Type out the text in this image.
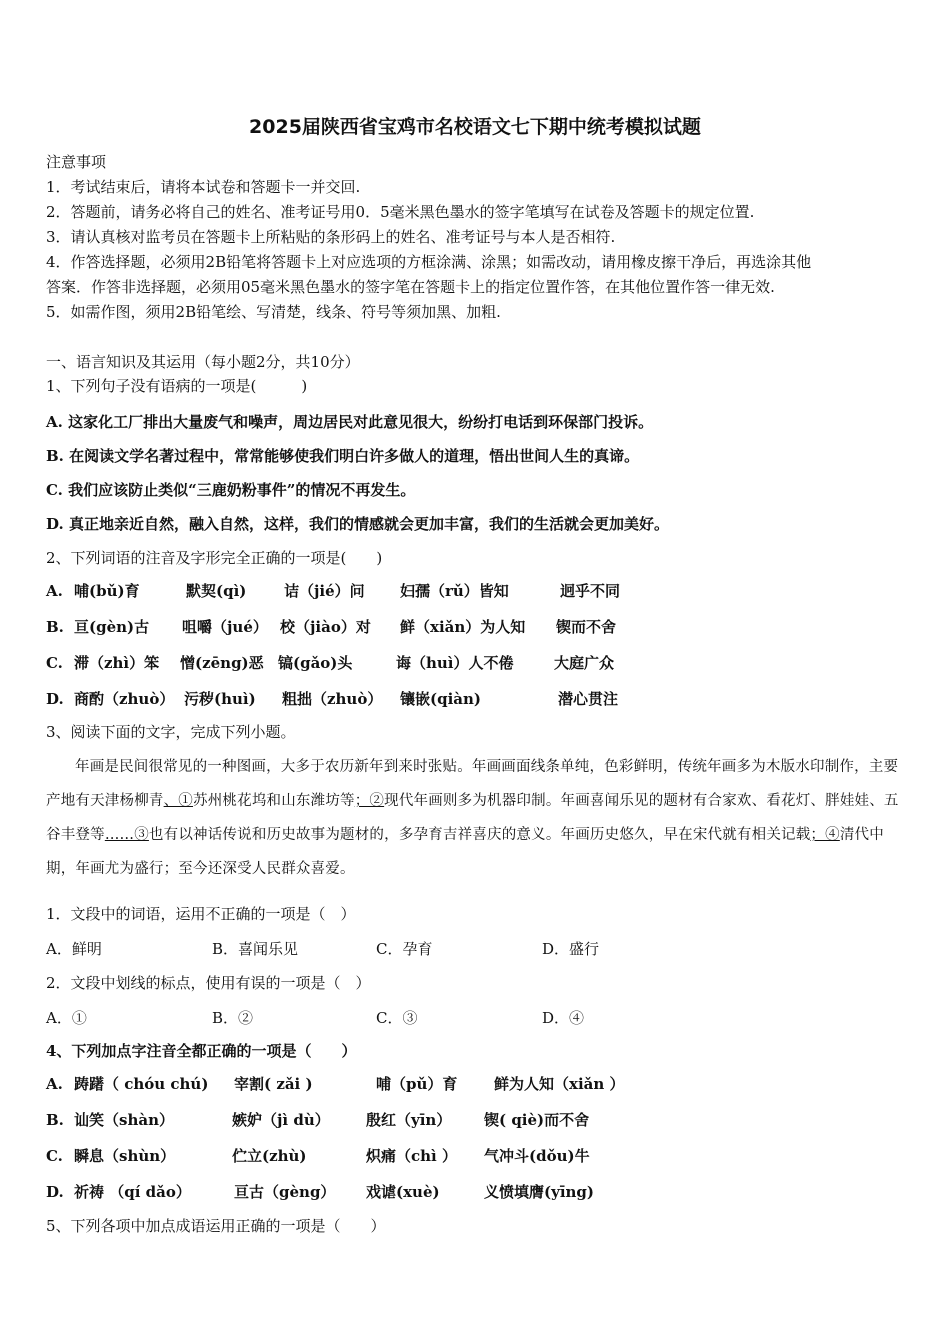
2025届陕西省宝鸡市名校语文七下期中统考模拟试题
注意事项
1．考试结束后，请将本试卷和答题卡一并交回.
2．答题前，请务必将自己的姓名、准考证号用0．5毫米黑色墨水的签字笔填写在试卷及答题卡的规定位置.
3．请认真核对监考员在答题卡上所粘贴的条形码上的姓名、准考证号与本人是否相符.
4．作答选择题，必须用2B铅笔将答题卡上对应选项的方框涂满、涂黑；如需改动，请用橡皮擦干净后，再选涂其他
答案．作答非选择题，必须用05毫米黑色墨水的签字笔在答题卡上的指定位置作答，在其他位置作答一律无效.
5．如需作图，须用2B铅笔绘、写清楚，线条、符号等须加黑、加粗.
一、语言知识及其运用（每小题2分，共10分）
1、下列句子没有语病的一项是(　　　)
A. 这家化工厂排出大量废气和噪声，周边居民对此意见很大，纷纷打电话到环保部门投诉。
B. 在阅读文学名著过程中，常常能够使我们明白许多做人的道理，悟出世间人生的真谛。
C. 我们应该防止类似“三鹿奶粉事件”的情况不再发生。
D. 真正地亲近自然，融入自然，这样，我们的情感就会更加丰富，我们的生活就会更加美好。
2、下列词语的注音及字形完全正确的一项是(　　)
A. 哺(bǔ)育	默契(qì)	诘（jié）问 妇孺（rǔ）皆知	迥乎不同
B. 亘(gèn)古 咀嚼（jué） 校（jiào）对 鲜（xiǎn）为人知 锲而不舍
C. 滞（zhì）笨 憎(zēng)恶 镐(gǎo)头	诲（huì）人不倦	大庭广众
D. 商酌（zhuò） 污秽(huì) 粗拙（zhuò） 镶嵌(qiàn)	潜心贯注
3、阅读下面的文字，完成下列小题。
年画是民间很常见的一种图画，大多于农历新年到来时张贴。年画画面线条单纯，色彩鲜明，传统年画多为木版水印制作，主要产地有天津杨柳青、①苏州桃花坞和山东潍坊等；②现代年画则多为机器印制。年画喜闻乐见的题材有合家欢、看花灯、胖娃娃、五谷丰登等……③也有以神话传说和历史故事为题材的，多孕育吉祥喜庆的意义。年画历史悠久，早在宋代就有相关记载；④清代中期，年画尤为盛行；至今还深受人民群众喜爱。
1．文段中的词语，运用不正确的一项是（　）
A．鲜明	B．喜闻乐见	C．孕育	D．盛行
2．文段中划线的标点，使用有误的一项是（　）
A．①	B．②	C．③	D．④
4、下列加点字注音全都正确的一项是（　　）
A. 踌躇（ chóu chú) 宰割( zǎi )	哺（pǔ）育 鲜为人知（xiǎn ）
B. 讪笑（shàn）	嫉妒（jì dù） 殷红（yīn） 锲( qiè)而不舍
C. 瞬息（shùn）	伫立(zhù)	炽痛（chì ） 气冲斗(dǒu)牛
D. 祈祷 （qí dǎo）	亘古（gèng） 戏谑(xuè)	义愤填膺(yīng)
5、下列各项中加点成语运用正确的一项是（　　）
